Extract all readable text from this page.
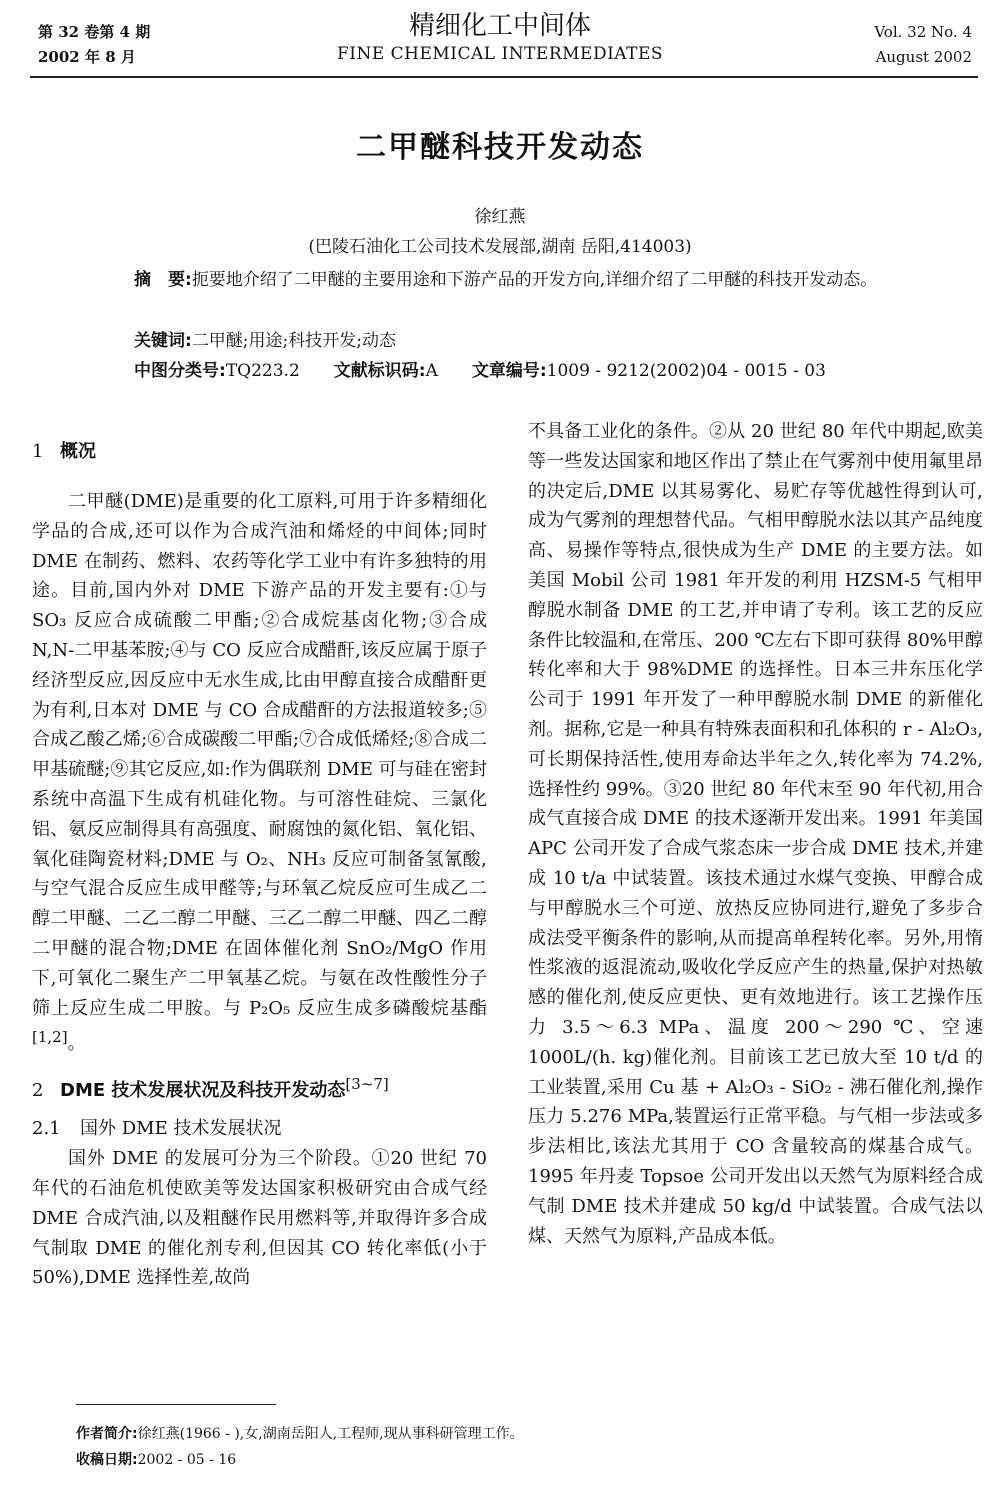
第 32 卷第 4 期
2002 年 8 月
精细化工中间体
FINE CHEMICAL INTERMEDIATES
Vol. 32 No. 4
August 2002
二甲醚科技开发动态
徐红燕
(巴陵石油化工公司技术发展部,湖南 岳阳,414003)

摘　要:扼要地介绍了二甲醚的主要用途和下游产品的开发方向,详细介绍了二甲醚的科技开发动态。

关键词:二甲醚;用途;科技开发;动态
中图分类号:TQ223.2　　 文献标识码:A　　 文章编号:1009 - 9212(2002)04 - 0015 - 03
1 概况

二甲醚(DME)是重要的化工原料,可用于许多精细化学品的合成,还可以作为合成汽油和烯烃的中间体;同时 DME 在制药、燃料、农药等化学工业中有许多独特的用途。目前,国内外对 DME 下游产品的开发主要有:①与 SO₃ 反应合成硫酸二甲酯;②合成烷基卤化物;③合成 N,N-二甲基苯胺;④与 CO 反应合成醋酐,该反应属于原子经济型反应,因反应中无水生成,比由甲醇直接合成醋酐更为有利,日本对 DME 与 CO 合成醋酐的方法报道较多;⑤合成乙酸乙烯;⑥合成碳酸二甲酯;⑦合成低烯烃;⑧合成二甲基硫醚;⑨其它反应,如:作为偶联剂 DME 可与硅在密封系统中高温下生成有机硅化物。与可溶性硅烷、三氯化铝、氨反应制得具有高强度、耐腐蚀的氮化铝、氧化铝、氧化硅陶瓷材料;DME 与 O₂、NH₃ 反应可制备氢氰酸,与空气混合反应生成甲醛等;与环氧乙烷反应可生成乙二醇二甲醚、二乙二醇二甲醚、三乙二醇二甲醚、四乙二醇二甲醚的混合物;DME 在固体催化剂 SnO₂/MgO 作用下,可氧化二聚生产二甲氧基乙烷。与氨在改性酸性分子筛上反应生成二甲胺。与 P₂O₅ 反应生成多磷酸烷基酯[1,2]。

2 DME 技术发展状况及科技开发动态[3~7]
2.1 国外 DME 技术发展状况

国外 DME 的发展可分为三个阶段。①20 世纪 70 年代的石油危机使欧美等发达国家积极研究由合成气经 DME 合成汽油,以及粗醚作民用燃料等,并取得许多合成气制取 DME 的催化剂专利,但因其 CO 转化率低(小于 50%),DME 选择性差,故尚

不具备工业化的条件。②从 20 世纪 80 年代中期起,欧美等一些发达国家和地区作出了禁止在气雾剂中使用氟里昂的决定后,DME 以其易雾化、易贮存等优越性得到认可,成为气雾剂的理想替代品。气相甲醇脱水法以其产品纯度高、易操作等特点,很快成为生产 DME 的主要方法。如美国 Mobil 公司 1981 年开发的利用 HZSM-5 气相甲醇脱水制备 DME 的工艺,并申请了专利。该工艺的反应条件比较温和,在常压、200 ℃左右下即可获得 80%甲醇转化率和大于 98%DME 的选择性。日本三井东压化学公司于 1991 年开发了一种甲醇脱水制 DME 的新催化剂。据称,它是一种具有特殊表面积和孔体积的 r - Al₂O₃,可长期保持活性,使用寿命达半年之久,转化率为 74.2%,选择性约 99%。③20 世纪 80 年代末至 90 年代初,用合成气直接合成 DME 的技术逐渐开发出来。1991 年美国 APC 公司开发了合成气浆态床一步合成 DME 技术,并建成 10 t/a 中试装置。该技术通过水煤气变换、甲醇合成与甲醇脱水三个可逆、放热反应协同进行,避免了多步合成法受平衡条件的影响,从而提高单程转化率。另外,用惰性浆液的返混流动,吸收化学反应产生的热量,保护对热敏感的催化剂,使反应更快、更有效地进行。该工艺操作压力 3.5～6.3 MPa、温度 200～290 ℃、空速 1000L/(h. kg)催化剂。目前该工艺已放大至 10 t/d 的工业装置,采用 Cu 基 + Al₂O₃ - SiO₂ - 沸石催化剂,操作压力 5.276 MPa,装置运行正常平稳。与气相一步法或多步法相比,该法尤其用于 CO 含量较高的煤基合成气。1995 年丹麦 Topsoe 公司开发出以天然气为原料经合成气制 DME 技术并建成 50 kg/d 中试装置。合成气法以煤、天然气为原料,产品成本低。

作者简介:徐红燕(1966 - ),女,湖南岳阳人,工程师,现从事科研管理工作。
收稿日期:2002 - 05 - 16
